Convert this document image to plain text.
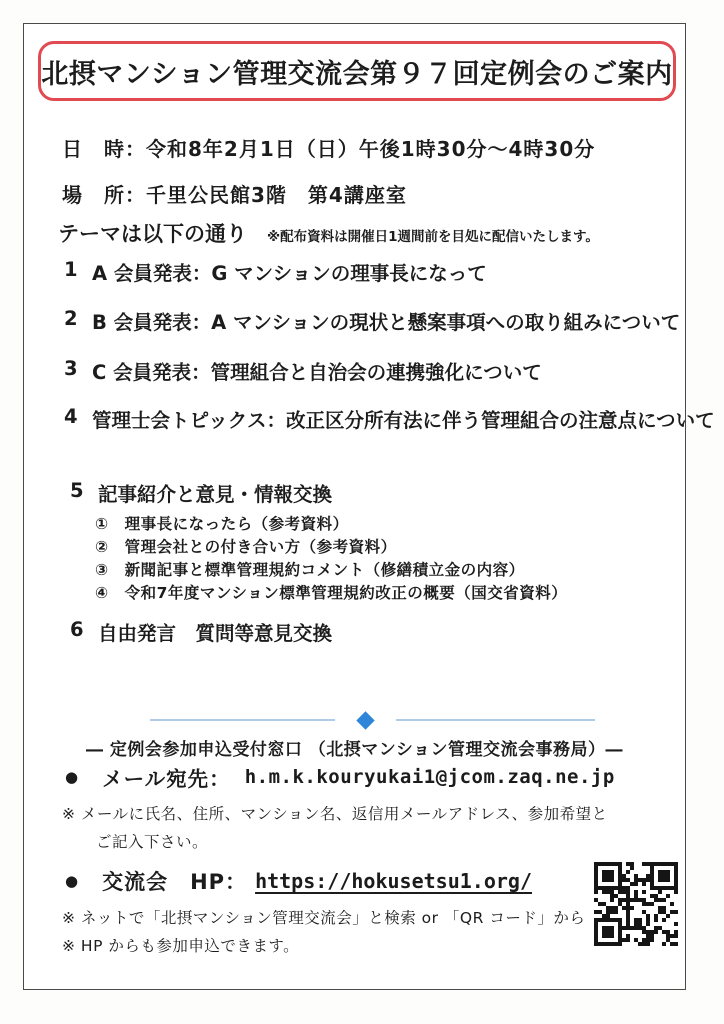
北摂マンション管理交流会第９７回定例会のご案内
日　時：令和8年2月1日（日）午後1時30分～4時30分
場　所：千里公民館3階　第4講座室
テーマは以下の通り ※配布資料は開催日1週間前を目処に配信いたします。
1 A 会員発表：G マンションの理事長になって
2 B 会員発表：A マンションの現状と懸案事項への取り組みについて
3 C 会員発表：管理組合と自治会の連携強化について
4 管理士会トピックス：改正区分所有法に伴う管理組合の注意点について
5 記事紹介と意見・情報交換
①　理事長になったら（参考資料）
②　管理会社との付き合い方（参考資料）
③　新聞記事と標準管理規約コメント（修繕積立金の内容）
④　令和7年度マンション標準管理規約改正の概要（国交省資料）
6 自由発言　質問等意見交換
― 定例会参加申込受付窓口 （北摂マンション管理交流会事務局）―
● メール宛先： h.m.k.kouryukai1@jcom.zaq.ne.jp
※ メールに氏名、住所、マンション名、返信用メールアドレス、参加希望と
ご記入下さい。
● 交流会　HP： https://hokusetsu1.org/
※ ネットで「北摂マンション管理交流会」と検索 or 「QR コード」から
※ HP からも参加申込できます。
